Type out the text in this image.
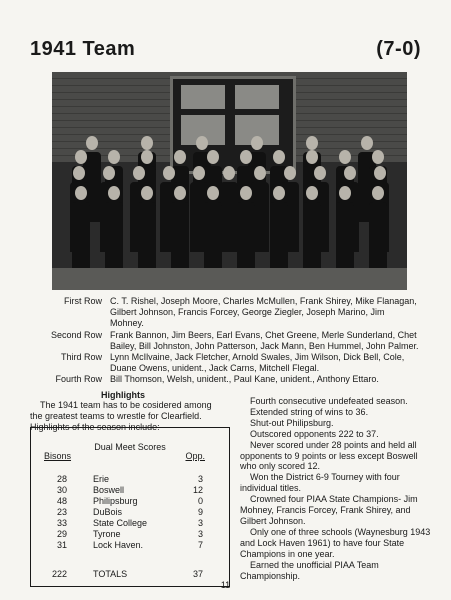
1941 Team	(7-0)
First Row C. T. Rishel, Joseph Moore, Charles McMullen, Frank Shirey, Mike Flanagan, Gilbert Johnson, Francis Forcey, George Ziegler, Joseph Marino, Jim Mohney.
Second Row Frank Bannon, Jim Beers, Earl Evans, Chet Greene, Merle Sunderland, Chet Bailey, Bill Johnston, John Patterson, Jack Mann, Ben Hummel, John Palmer.
Third Row Lynn McIlvaine, Jack Fletcher, Arnold Swales, Jim Wilson, Dick Bell, Cole, Duane Owens, unident., Jack Carns, Mitchell Flegal.
Fourth Row Bill Thomson, Welsh, unident., Paul Kane, unident., Anthony Ettaro.
Highlights
The 1941 team has to be cosidered among the greatest teams to wrestle for Clearfield. Highlights of the season include:
Dual Meet Scores
Bisons	Opp.
28	Erie	3
30	Boswell	12
48	Philipsburg	0
23	DuBois	9
33	State College	3
29	Tyrone	3
31	Lock Haven.	7
222	TOTALS	37

Fourth consecutive undefeated season.

Extended string of wins to 36.

Shut-out Philipsburg.

Outscored opponents 222 to 37.

Never scored under 28 points and held all opponents to 9 points or less except Boswell who only scored 12.

Won the District 6-9 Tourney with four individual titles.

Crowned four PIAA State Champions- Jim Mohney, Francis Forcey, Frank Shirey, and Gilbert Johnson.

Only one of three schools (Waynesburg 1943 and Lock Haven 1961) to have four State Champions in one year.

Earned the unofficial PIAA Team Championship.

11
